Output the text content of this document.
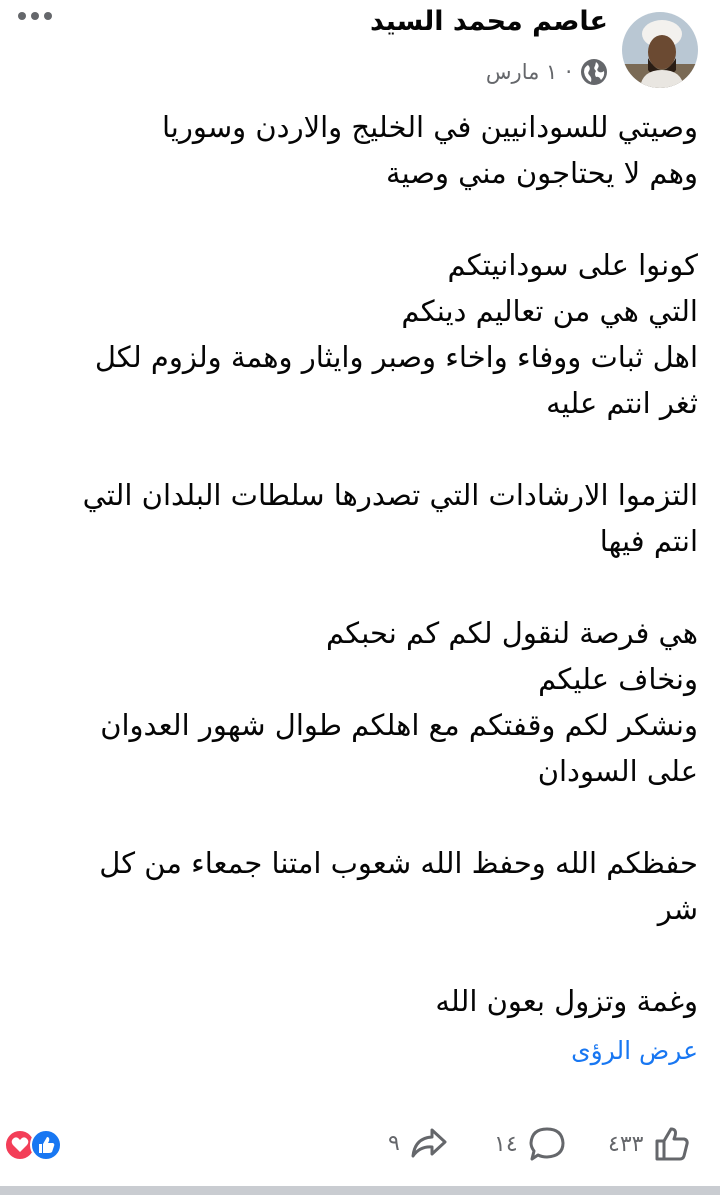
عاصم محمد السيد
١ مارس ·

وصيتي للسودانيين في الخليج والاردن وسوريا

وهم لا يحتاجون مني وصية

كونوا على سودانيتكم

التي هي من تعاليم دينكم

اهل ثبات ووفاء واخاء وصبر وايثار وهمة ولزوم لكل ثغر انتم عليه

التزموا الارشادات التي تصدرها سلطات البلدان التي انتم فيها

هي فرصة لنقول لكم كم نحبكم

ونخاف عليكم

ونشكر لكم وقفتكم مع اهلكم طوال شهور العدوان على السودان

حفظكم الله وحفظ الله شعوب امتنا جمعاء من كل شر

وغمة وتزول بعون الله

عرض الرؤى
٩	١٤	٤٣٣
